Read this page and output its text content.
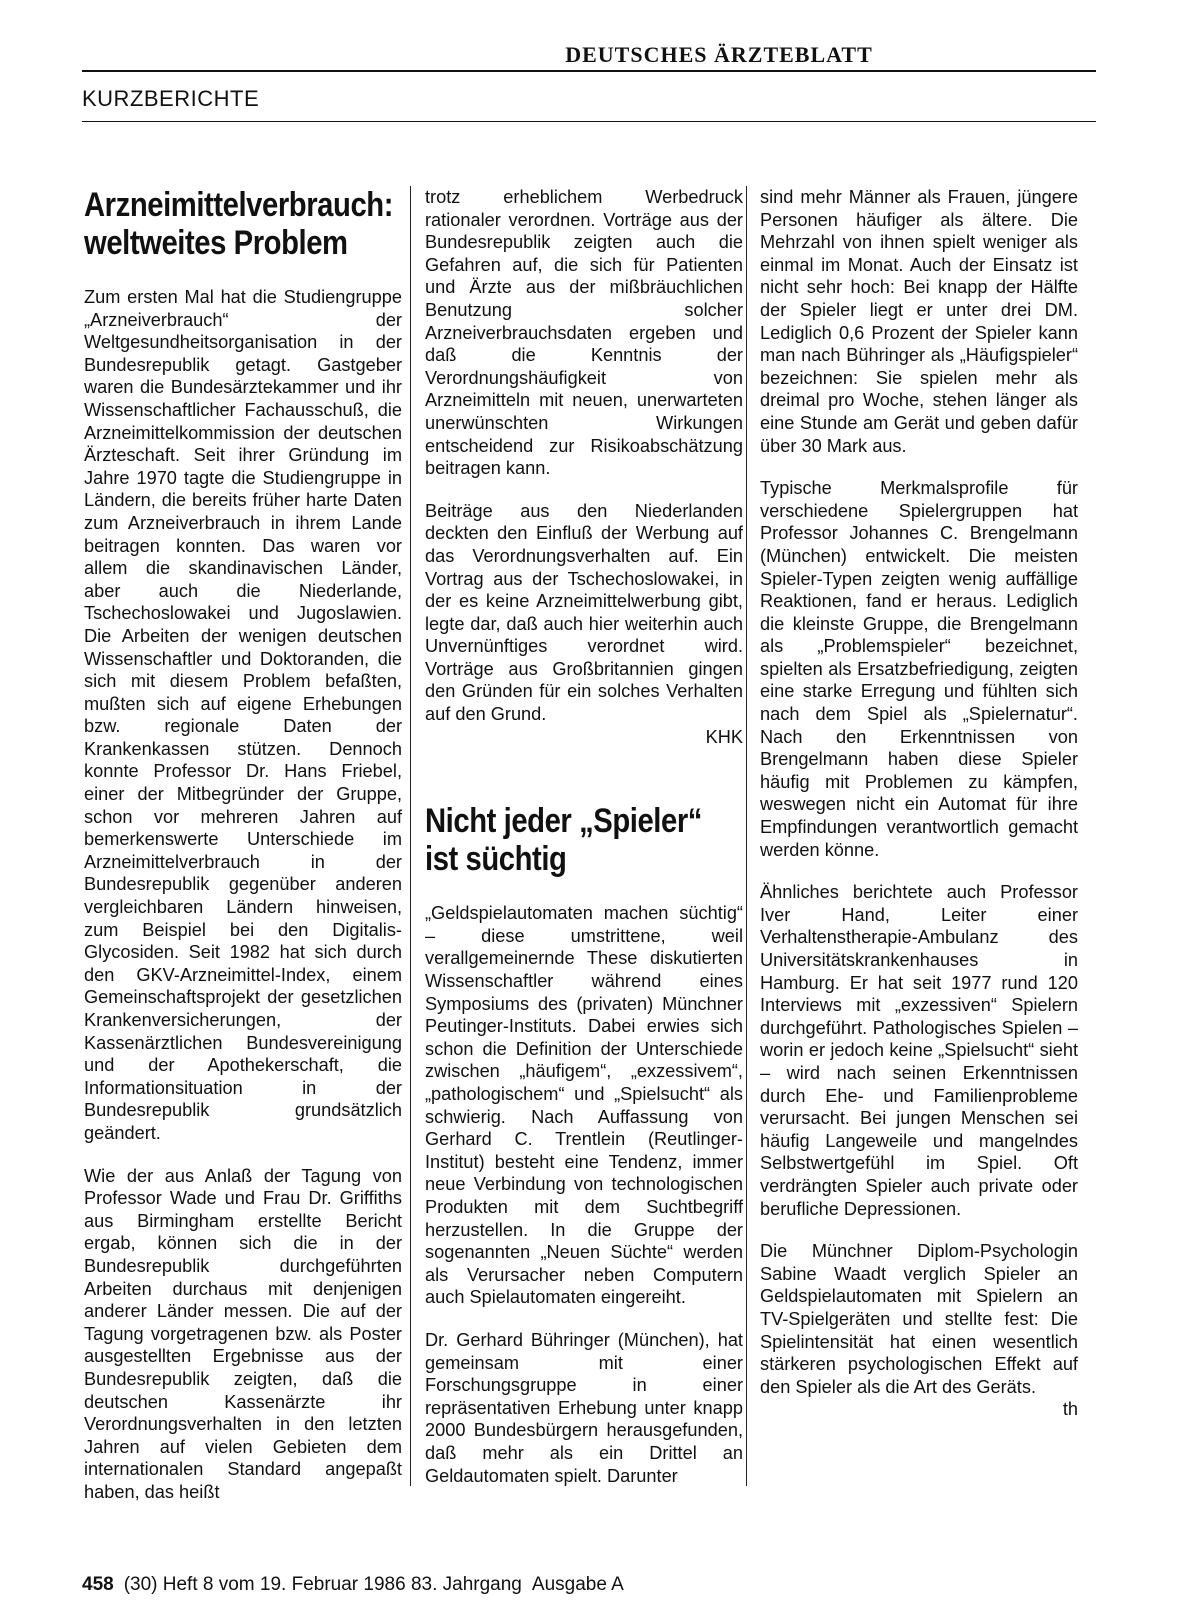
DEUTSCHES ÄRZTEBLATT
KURZBERICHTE
Arzneimittelverbrauch:
weltweites Problem

Zum ersten Mal hat die Studiengruppe „Arzneiverbrauch“ der Weltgesundheitsorganisation in der Bundesrepublik getagt. Gastgeber waren die Bundesärztekammer und ihr Wissenschaftlicher Fachausschuß, die Arzneimittelkommission der deutschen Ärzteschaft. Seit ihrer Gründung im Jahre 1970 tagte die Studiengruppe in Ländern, die bereits früher harte Daten zum Arzneiverbrauch in ihrem Lande beitragen konnten. Das waren vor allem die skandinavischen Länder, aber auch die Niederlande, Tschechoslowakei und Jugoslawien. Die Arbeiten der wenigen deutschen Wissenschaftler und Doktoranden, die sich mit diesem Problem befaßten, mußten sich auf eigene Erhebungen bzw. regionale Daten der Krankenkassen stützen. Dennoch konnte Professor Dr. Hans Friebel, einer der Mitbegründer der Gruppe, schon vor mehreren Jahren auf bemerkenswerte Unterschiede im Arzneimittelverbrauch in der Bundesrepublik gegenüber anderen vergleichbaren Ländern hinweisen, zum Beispiel bei den Digitalis-Glycosiden. Seit 1982 hat sich durch den GKV-Arzneimittel-Index, einem Gemeinschaftsprojekt der gesetzlichen Krankenversicherungen, der Kassenärztlichen Bundesvereinigung und der Apothekerschaft, die Informationsituation in der Bundesrepublik grundsätzlich geändert.

Wie der aus Anlaß der Tagung von Professor Wade und Frau Dr. Griffiths aus Birmingham erstellte Bericht ergab, können sich die in der Bundesrepublik durchgeführten Arbeiten durchaus mit denjenigen anderer Länder messen. Die auf der Tagung vorgetragenen bzw. als Poster ausgestellten Ergebnisse aus der Bundesrepublik zeigten, daß die deutschen Kassenärzte ihr Verordnungsverhalten in den letzten Jahren auf vielen Gebieten dem internationalen Standard angepaßt haben, das heißt

trotz erheblichem Werbedruck rationaler verordnen. Vorträge aus der Bundesrepublik zeigten auch die Gefahren auf, die sich für Patienten und Ärzte aus der mißbräuchlichen Benutzung solcher Arzneiverbrauchsdaten ergeben und daß die Kenntnis der Verordnungshäufigkeit von Arzneimitteln mit neuen, unerwarteten unerwünschten Wirkungen entscheidend zur Risikoabschätzung beitragen kann.

Beiträge aus den Niederlanden deckten den Einfluß der Werbung auf das Verordnungsverhalten auf. Ein Vortrag aus der Tschechoslowakei, in der es keine Arzneimittelwerbung gibt, legte dar, daß auch hier weiterhin auch Unvernünftiges verordnet wird. Vorträge aus Großbritannien gingen den Gründen für ein solches Verhalten auf den Grund.
KHK

Nicht jeder „Spieler“
ist süchtig

„Geldspielautomaten machen süchtig“ – diese umstrittene, weil verallgemeinernde These diskutierten Wissenschaftler während eines Symposiums des (privaten) Münchner Peutinger-Instituts. Dabei erwies sich schon die Definition der Unterschiede zwischen „häufigem“, „exzessivem“, „pathologischem“ und „Spielsucht“ als schwierig. Nach Auffassung von Gerhard C. Trentlein (Reutlinger-Institut) besteht eine Tendenz, immer neue Verbindung von technologischen Produkten mit dem Suchtbegriff herzustellen. In die Gruppe der sogenannten „Neuen Süchte“ werden als Verursacher neben Computern auch Spielautomaten eingereiht.

Dr. Gerhard Bühringer (München), hat gemeinsam mit einer Forschungsgruppe in einer repräsentativen Erhebung unter knapp 2000 Bundesbürgern herausgefunden, daß mehr als ein Drittel an Geldautomaten spielt. Darunter

sind mehr Männer als Frauen, jüngere Personen häufiger als ältere. Die Mehrzahl von ihnen spielt weniger als einmal im Monat. Auch der Einsatz ist nicht sehr hoch: Bei knapp der Hälfte der Spieler liegt er unter drei DM. Lediglich 0,6 Prozent der Spieler kann man nach Bühringer als „Häufigspieler“ bezeichnen: Sie spielen mehr als dreimal pro Woche, stehen länger als eine Stunde am Gerät und geben dafür über 30 Mark aus.

Typische Merkmalsprofile für verschiedene Spielergruppen hat Professor Johannes C. Brengelmann (München) entwickelt. Die meisten Spieler-Typen zeigten wenig auffällige Reaktionen, fand er heraus. Lediglich die kleinste Gruppe, die Brengelmann als „Problemspieler“ bezeichnet, spielten als Ersatzbefriedigung, zeigten eine starke Erregung und fühlten sich nach dem Spiel als „Spielernatur“. Nach den Erkenntnissen von Brengelmann haben diese Spieler häufig mit Problemen zu kämpfen, weswegen nicht ein Automat für ihre Empfindungen verantwortlich gemacht werden könne.

Ähnliches berichtete auch Professor Iver Hand, Leiter einer Verhaltenstherapie-Ambulanz des Universitätskrankenhauses in Hamburg. Er hat seit 1977 rund 120 Interviews mit „exzessiven“ Spielern durchgeführt. Pathologisches Spielen – worin er jedoch keine „Spielsucht“ sieht – wird nach seinen Erkenntnissen durch Ehe- und Familienprobleme verursacht. Bei jungen Menschen sei häufig Langeweile und mangelndes Selbstwertgefühl im Spiel. Oft verdrängten Spieler auch private oder berufliche Depressionen.

Die Münchner Diplom-Psychologin Sabine Waadt verglich Spieler an Geldspielautomaten mit Spielern an TV-Spielgeräten und stellte fest: Die Spielintensität hat einen wesentlich stärkeren psychologischen Effekt auf den Spieler als die Art des Geräts.
th

458 (30) Heft 8 vom 19. Februar 1986 83. Jahrgang Ausgabe A
